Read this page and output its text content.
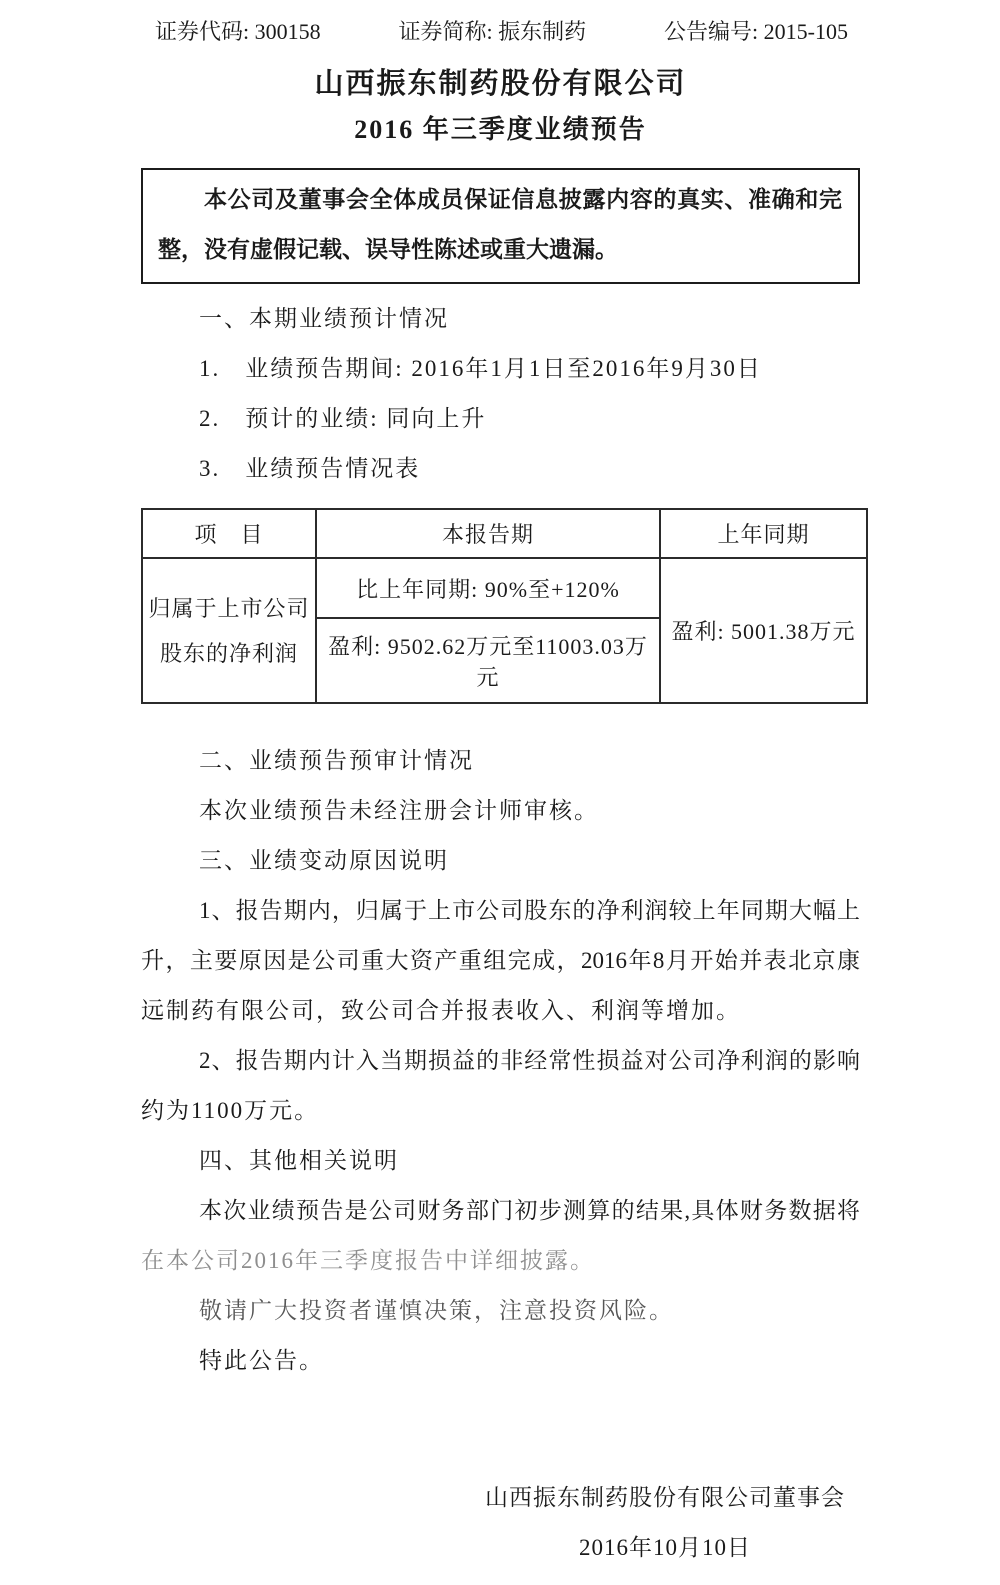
证券代码: 300158	证券简称: 振东制药	公告编号: 2015-105
山西振东制药股份有限公司
2016 年三季度业绩预告
本公司及董事会全体成员保证信息披露内容的真实、准确和完
整，没有虚假记载、误导性陈述或重大遗漏。
一、本期业绩预计情况
1.　业绩预告期间: 2016年1月1日至2016年9月30日
2.　预计的业绩: 同向上升
3.　业绩预告情况表
项　目	本报告期	上年同期

归属于上市公司
股东的净利润	比上年同期: 90%至+120%	盈利: 5001.38万元
	盈利: 9502.62万元至11003.03万元	
二、业绩预告预审计情况
本次业绩预告未经注册会计师审核。
三、业绩变动原因说明
1、报告期内，归属于上市公司股东的净利润较上年同期大幅上
升，主要原因是公司重大资产重组完成，2016年8月开始并表北京康
远制药有限公司，致公司合并报表收入、利润等增加。
2、报告期内计入当期损益的非经常性损益对公司净利润的影响
约为1100万元。
四、其他相关说明
本次业绩预告是公司财务部门初步测算的结果,具体财务数据将
在本公司2016年三季度报告中详细披露。
敬请广大投资者谨慎决策，注意投资风险。
特此公告。
山西振东制药股份有限公司董事会
2016年10月10日
